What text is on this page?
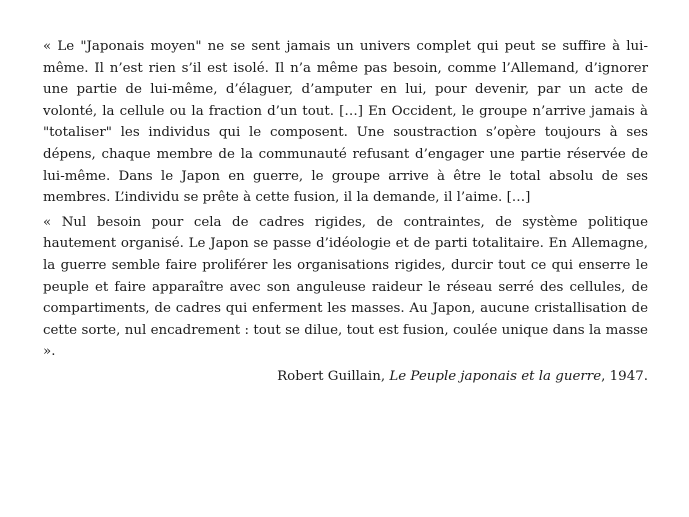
« Le "Japonais moyen" ne se sent jamais un univers complet qui peut se suffire à lui-même. Il n’est rien s’il est isolé. Il n’a même pas besoin, comme l’Allemand, d’ignorer une partie de lui-même, d’élaguer, d’amputer en lui, pour devenir, par un acte de volonté, la cellule ou la fraction d’un tout. […] En Occident, le groupe n’arrive jamais à "totaliser" les individus qui le composent. Une soustraction s’opère toujours à ses dépens, chaque membre de la communauté refusant d’engager une partie réservée de lui-même. Dans le Japon en guerre, le groupe arrive à être le total absolu de ses membres. L’individu se prête à cette fusion, il la demande, il l’aime. […]

« Nul besoin pour cela de cadres rigides, de contraintes, de système politique hautement organisé. Le Japon se passe d’idéologie et de parti totalitaire. En Allemagne, la guerre semble faire proliférer les organisations rigides, durcir tout ce qui enserre le peuple et faire apparaître avec son anguleuse raideur le réseau serré des cellules, de compartiments, de cadres qui enferment les masses. Au Japon, aucune cristallisation de cette sorte, nul encadrement : tout se dilue, tout est fusion, coulée unique dans la masse ».

Robert Guillain, Le Peuple japonais et la guerre, 1947.
